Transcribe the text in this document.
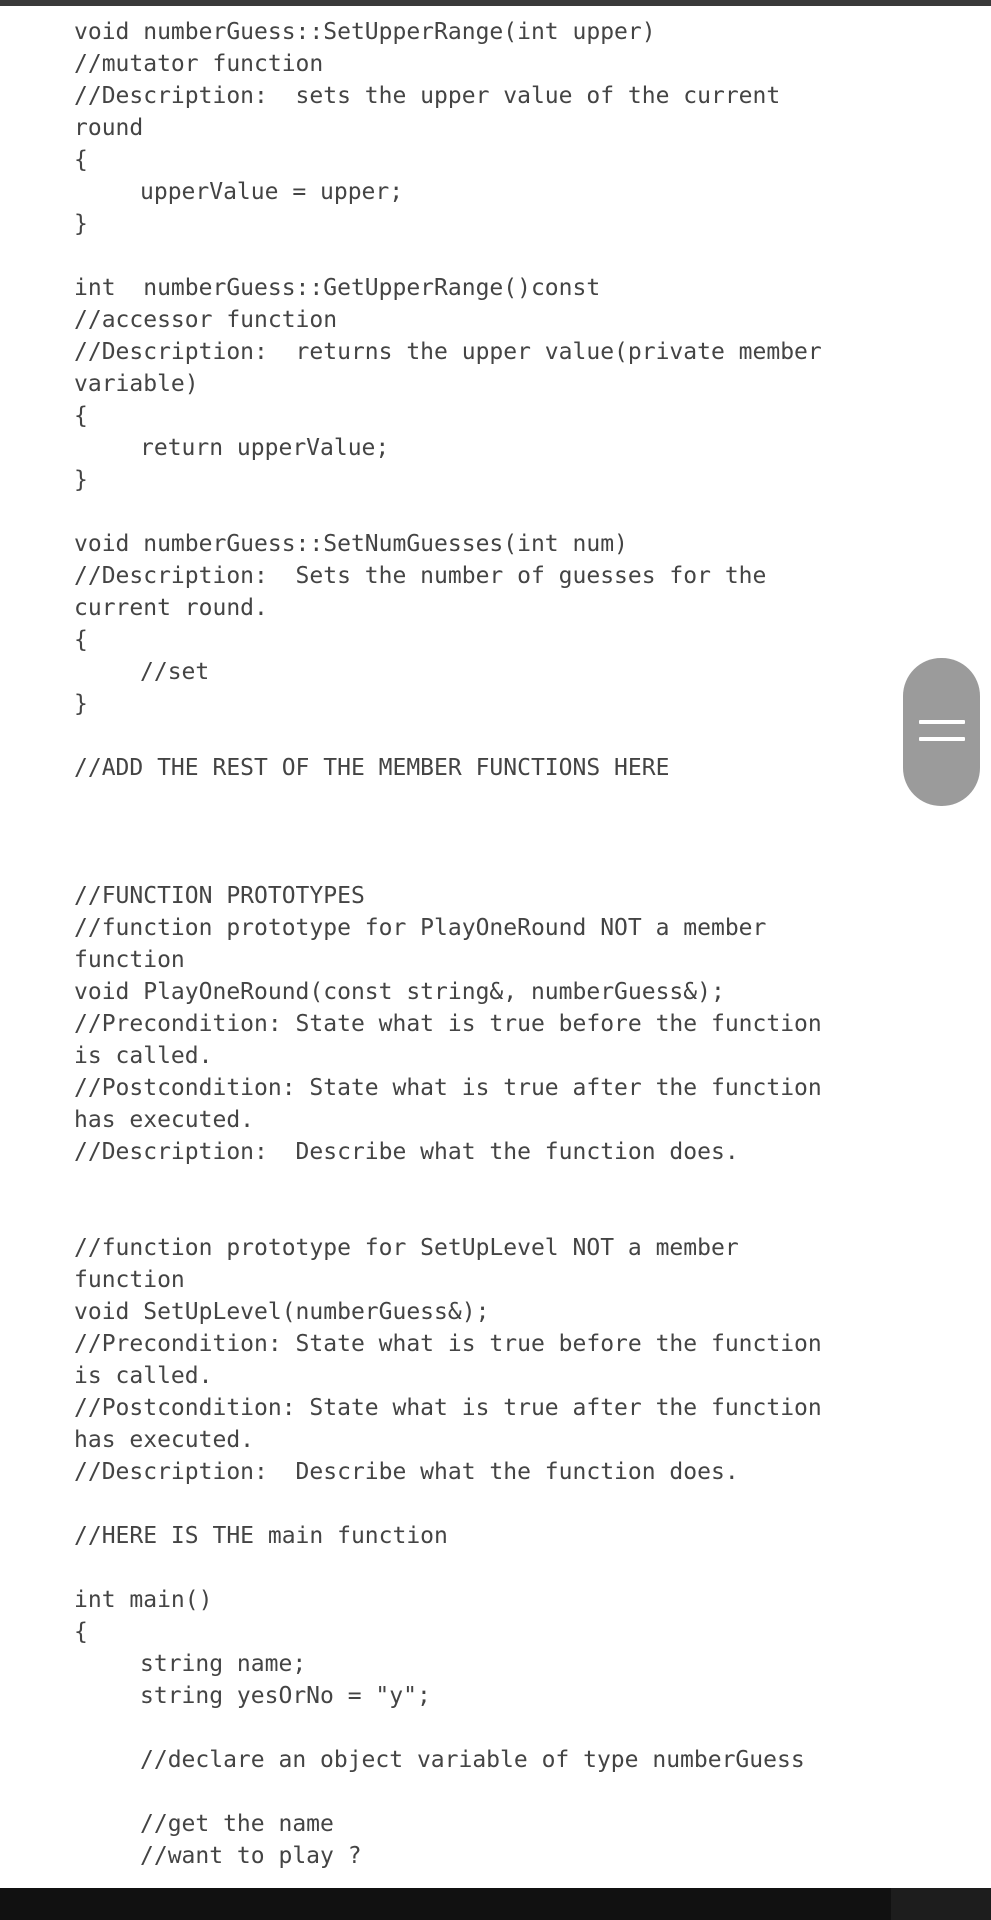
void numberGuess::SetUpperRange(int upper)
//mutator function
//Description:  sets the upper value of the current
round
{
upperValue = upper;
}
int  numberGuess::GetUpperRange()const
//accessor function
//Description:  returns the upper value(private member
variable)
{
return upperValue;
}
void numberGuess::SetNumGuesses(int num)
//Description:  Sets the number of guesses for the
current round.
{
//set
}
//ADD THE REST OF THE MEMBER FUNCTIONS HERE
//FUNCTION PROTOTYPES
//function prototype for PlayOneRound NOT a member
function
void PlayOneRound(const string&, numberGuess&);
//Precondition: State what is true before the function
is called.
//Postcondition: State what is true after the function
has executed.
//Description:  Describe what the function does.
//function prototype for SetUpLevel NOT a member
function
void SetUpLevel(numberGuess&);
//Precondition: State what is true before the function
is called.
//Postcondition: State what is true after the function
has executed.
//Description:  Describe what the function does.
//HERE IS THE main function
int main()
{
string name;
string yesOrNo = "y";
//declare an object variable of type numberGuess
//get the name
//want to play ?
